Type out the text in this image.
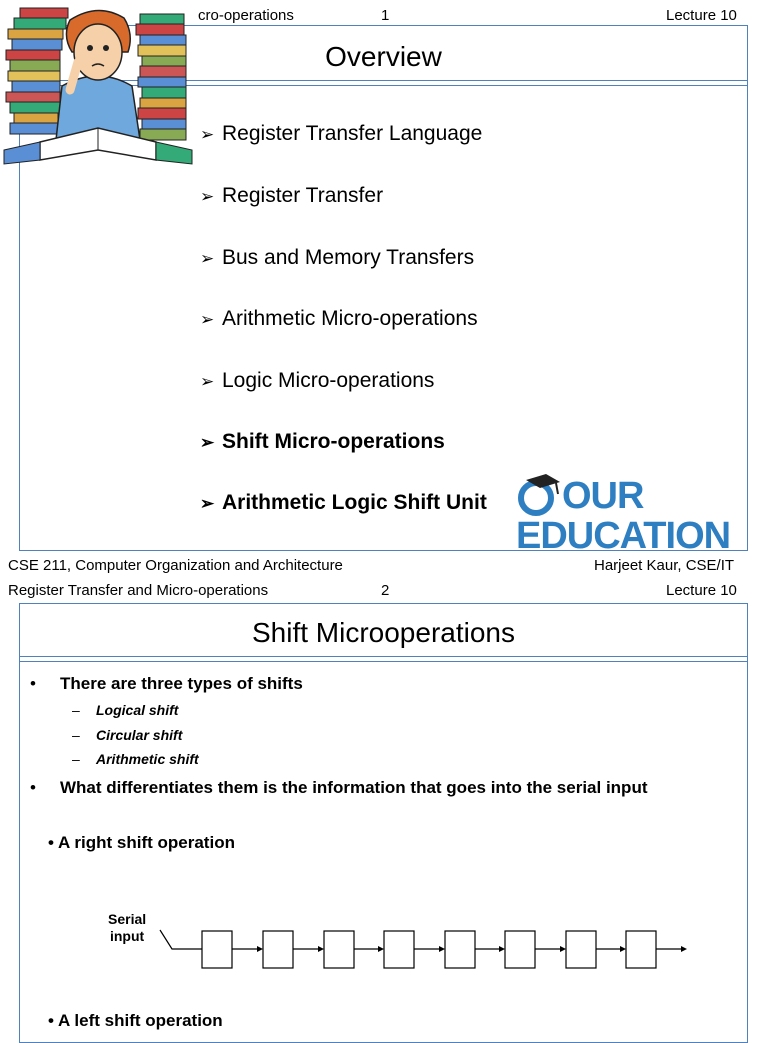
cro-operations	1	Lecture 10
Overview
➢ Register Transfer Language
➢ Register Transfer
➢ Bus and Memory Transfers
➢ Arithmetic Micro-operations
➢ Logic Micro-operations
➢ Shift Micro-operations
➢ Arithmetic Logic Shift Unit OUR
EDUCATION
CSE 211, Computer Organization and Architecture	Harjeet Kaur, CSE/IT
Register Transfer and Micro-operations	2	Lecture 10
Shift Microoperations
• There are three types of shifts
– Logical shift
– Circular shift
– Arithmetic shift
• What differentiates them is the information that goes into the serial input
• A right shift operation
Serial
input
• A left shift operation
